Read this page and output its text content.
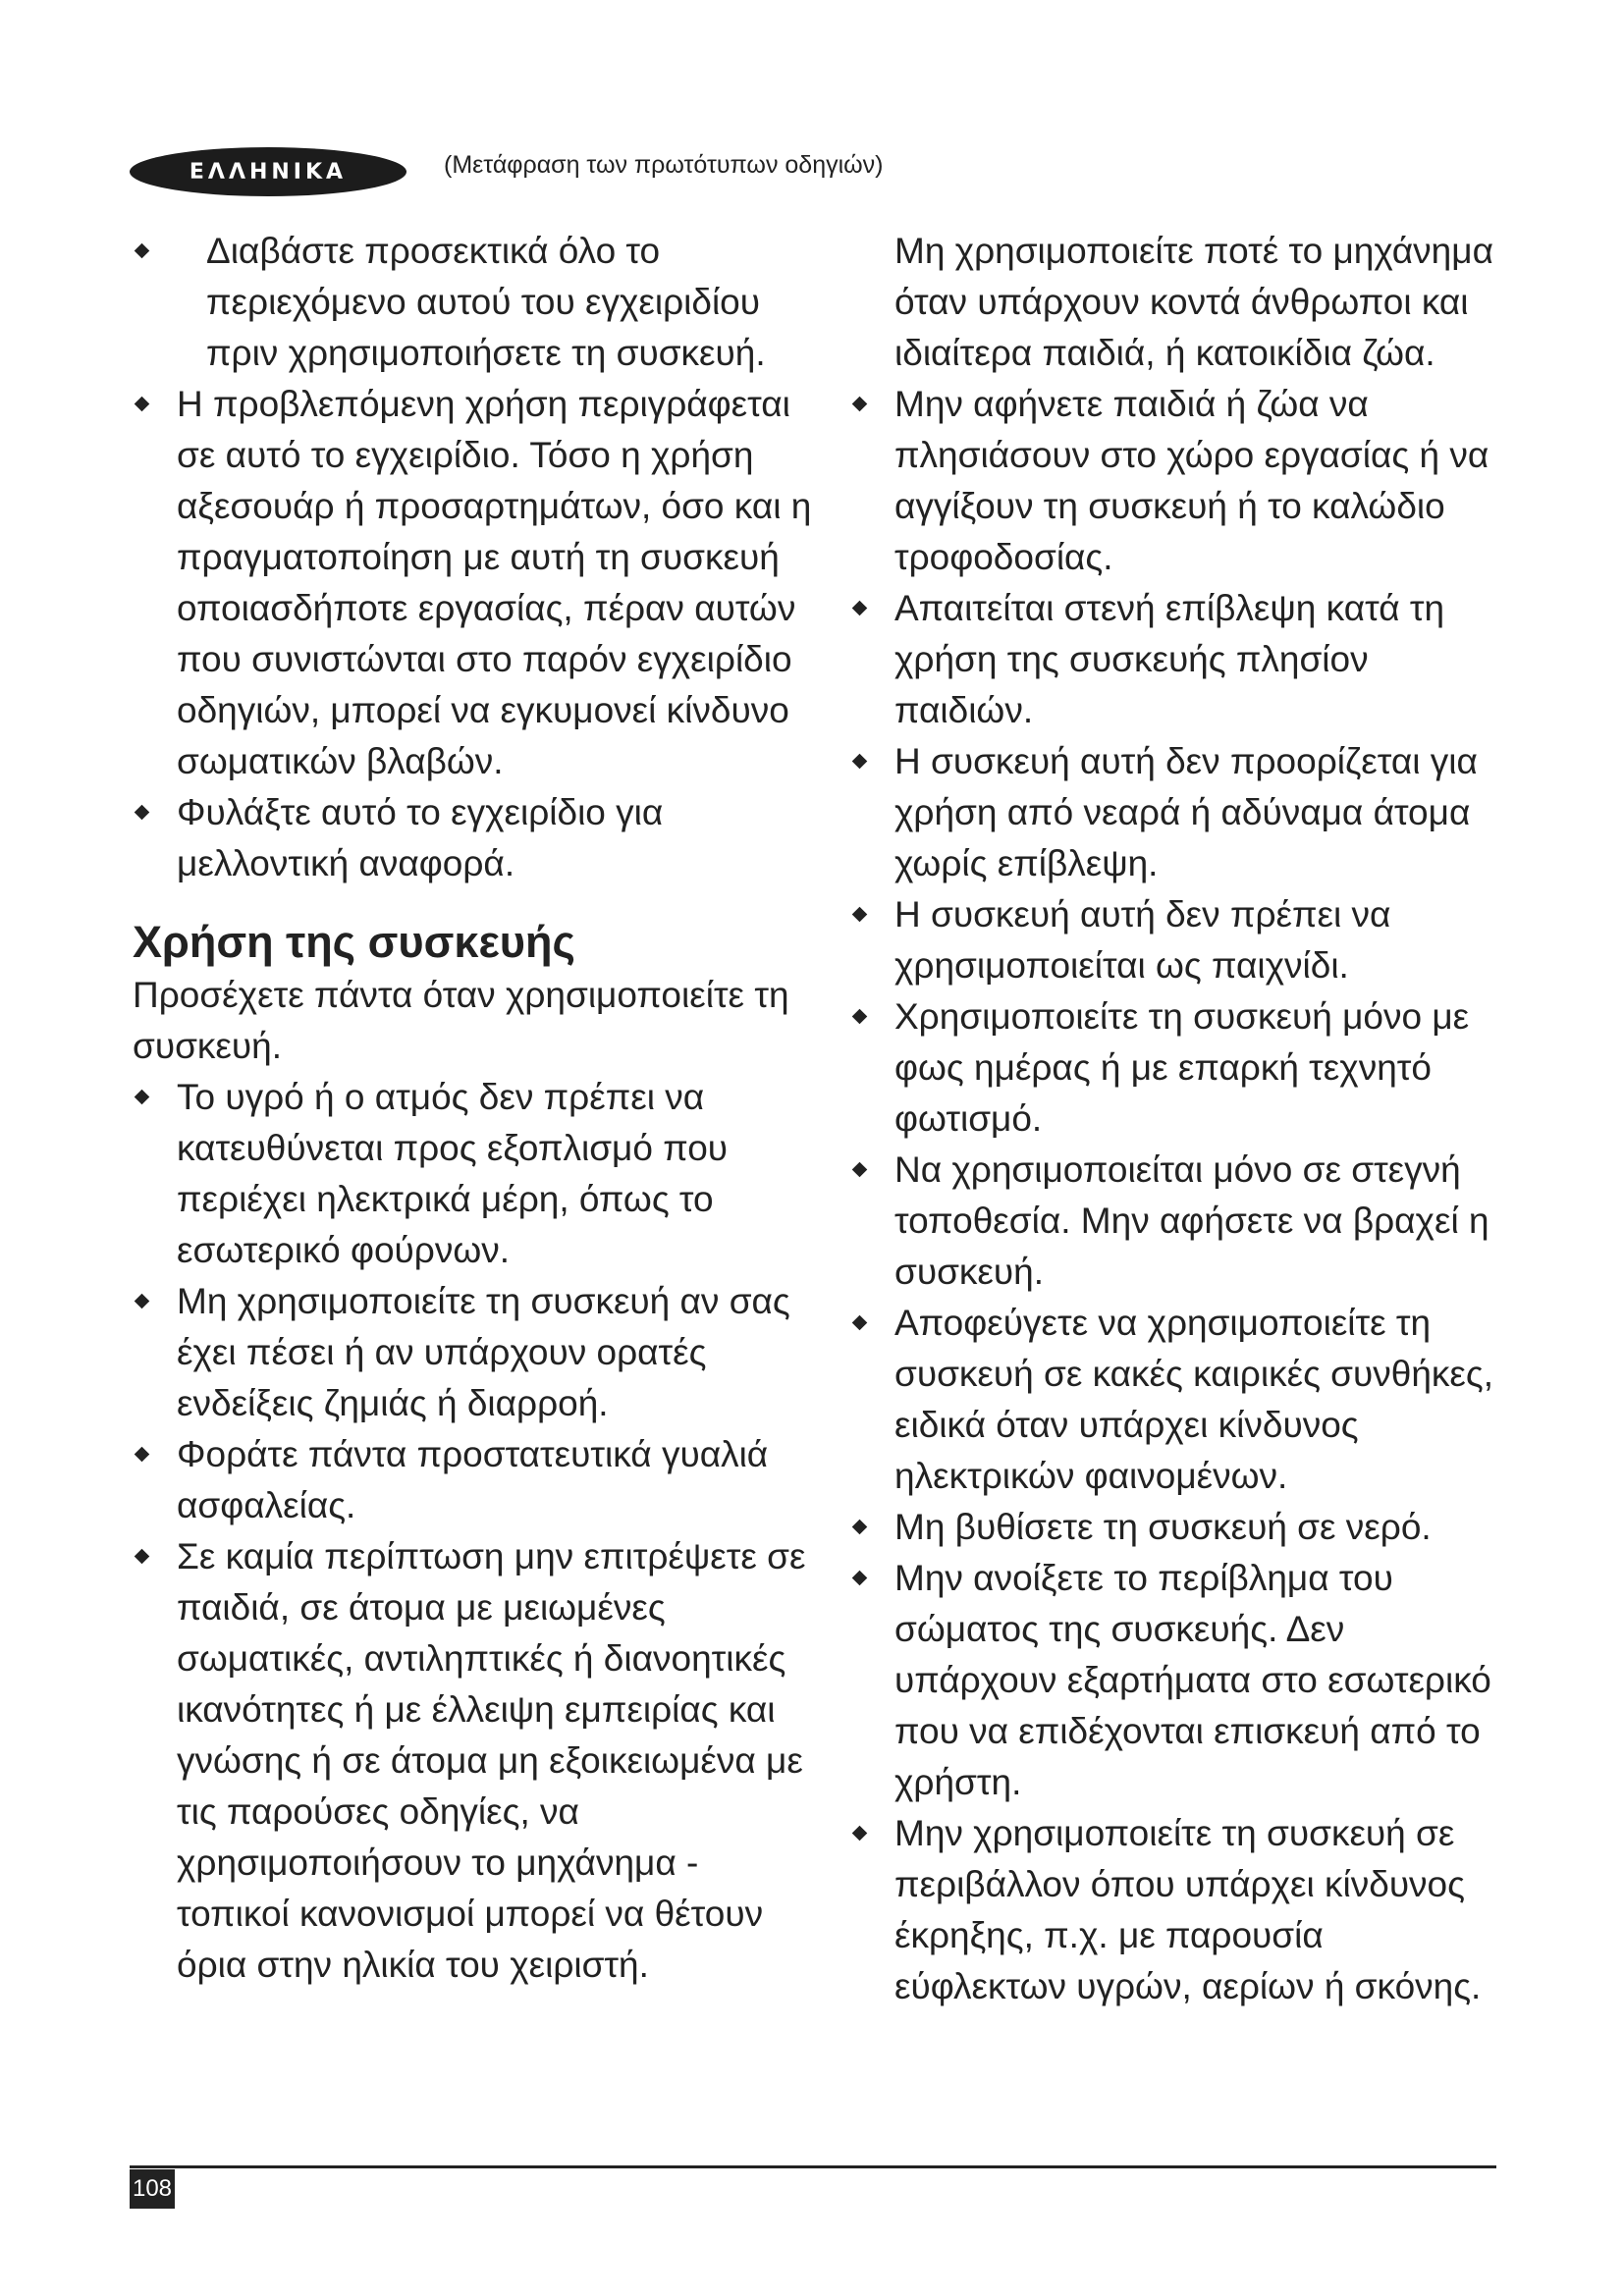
ΕΛΛΗΝΙΚΑ	(Μετάφραση των πρωτότυπων οδηγιών)
Διαβάστε προσεκτικά όλο το περιεχόμενο αυτού του εγχειριδίου πριν χρησιμοποιήσετε τη συσκευή.
Η προβλεπόμενη χρήση περιγράφεται σε αυτό το εγχειρίδιο. Τόσο η χρήση αξεσουάρ ή προσαρτημάτων, όσο και η πραγματοποίηση με αυτή τη συσκευή οποιασδήποτε εργασίας, πέραν αυτών που συνιστώνται στο παρόν εγχειρίδιο οδηγιών, μπορεί να εγκυμονεί κίνδυνο σωματικών βλαβών.
Φυλάξτε αυτό το εγχειρίδιο για μελλοντική αναφορά.
Χρήση της συσκευής
Προσέχετε πάντα όταν χρησιμοποιείτε τη συσκευή.
Το υγρό ή ο ατμός δεν πρέπει να κατευθύνεται προς εξοπλισμό που περιέχει ηλεκτρικά μέρη, όπως το εσωτερικό φούρνων.
Μη χρησιμοποιείτε τη συσκευή αν σας έχει πέσει ή αν υπάρχουν ορατές ενδείξεις ζημιάς ή διαρροή.
Φοράτε πάντα προστατευτικά γυαλιά ασφαλείας.
Σε καμία περίπτωση μην επιτρέψετε σε παιδιά, σε άτομα με μειωμένες σωματικές, αντιληπτικές ή διανοητικές ικανότητες ή με έλλειψη εμπειρίας και γνώσης ή σε άτομα μη εξοικειωμένα με τις παρούσες οδηγίες, να χρησιμοποιήσουν το μηχάνημα - τοπικοί κανονισμοί μπορεί να θέτουν όρια στην ηλικία του χειριστή.
Μη χρησιμοποιείτε ποτέ το μηχάνημα όταν υπάρχουν κοντά άνθρωποι και ιδιαίτερα παιδιά, ή κατοικίδια ζώα.
Μην αφήνετε παιδιά ή ζώα να πλησιάσουν στο χώρο εργασίας ή να αγγίξουν τη συσκευή ή το καλώδιο τροφοδοσίας.
Απαιτείται στενή επίβλεψη κατά τη χρήση της συσκευής πλησίον παιδιών.
Η συσκευή αυτή δεν προορίζεται για χρήση από νεαρά ή αδύναμα άτομα χωρίς επίβλεψη.
Η συσκευή αυτή δεν πρέπει να χρησιμοποιείται ως παιχνίδι.
Χρησιμοποιείτε τη συσκευή μόνο με φως ημέρας ή με επαρκή τεχνητό φωτισμό.
Να χρησιμοποιείται μόνο σε στεγνή τοποθεσία. Μην αφήσετε να βραχεί η συσκευή.
Αποφεύγετε να χρησιμοποιείτε τη συσκευή σε κακές καιρικές συνθήκες, ειδικά όταν υπάρχει κίνδυνος ηλεκτρικών φαινομένων.
Μη βυθίσετε τη συσκευή σε νερό.
Μην ανοίξετε το περίβλημα του σώματος της συσκευής. Δεν υπάρχουν εξαρτήματα στο εσωτερικό που να επιδέχονται επισκευή από το χρήστη.
Μην χρησιμοποιείτε τη συσκευή σε περιβάλλον όπου υπάρχει κίνδυνος έκρηξης, π.χ. με παρουσία εύφλεκτων υγρών, αερίων ή σκόνης.
108
